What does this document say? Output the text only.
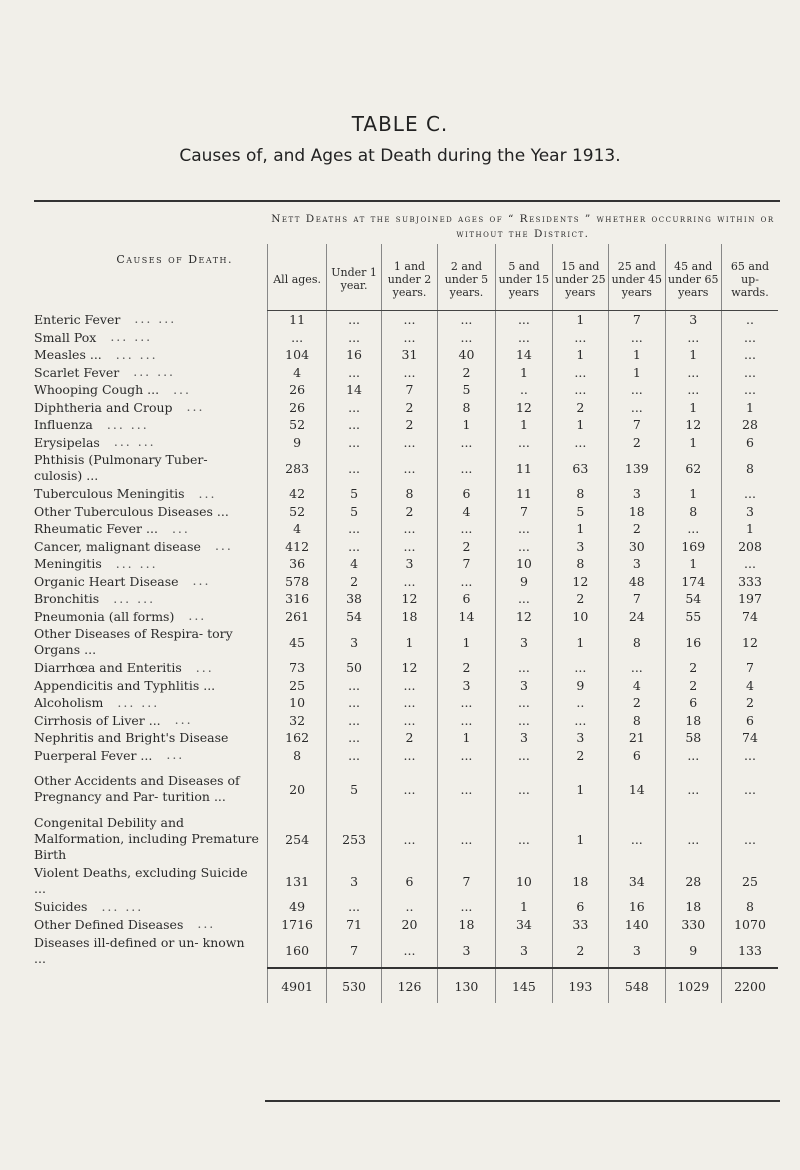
TABLE C.
Causes of, and Ages at Death during the Year 1913.
Causes of Death.	Nett Deaths at the subjoined ages of “ Residents ” whether occurring within or without the District.								
	All ages.	Under 1 year.	1 and under 2 years.	2 and under 5 years.	5 and under 15 years	15 and under 25 years	25 and under 45 years	45 and under 65 years	65 and up-wards.
Enteric Fever ... ...	11	...	...	...	...	1	7	3	..
Small Pox ... ...	...	...	...	...	...	...	...	...	...
Measles ... ... ...	104	16	31	40	14	1	1	1	...
Scarlet Fever ... ...	4	...	...	2	1	...	1	...	...
Whooping Cough ... ...	26	14	7	5	..	...	...	...	...
Diphtheria and Croup ...	26	...	2	8	12	2	...	1	1
Influenza ... ...	52	...	2	1	1	1	7	12	28
Erysipelas ... ...	9	...	...	...	...	...	2	1	6
Phthisis (Pulmonary Tuber- culosis) ...	283	...	...	...	11	63	139	62	8
Tuberculous Meningitis ...	42	5	8	6	11	8	3	1	...
Other Tuberculous Diseases ...	52	5	2	4	7	5	18	8	3
Rheumatic Fever ... ...	4	...	...	...	...	1	2	...	1
Cancer, malignant disease ...	412	...	...	2	...	3	30	169	208
Meningitis ... ...	36	4	3	7	10	8	3	1	...
Organic Heart Disease ...	578	2	...	...	9	12	48	174	333
Bronchitis ... ...	316	38	12	6	...	2	7	54	197
Pneumonia (all forms) ...	261	54	18	14	12	10	24	55	74
Other Diseases of Respira- tory Organs ...	45	3	1	1	3	1	8	16	12
Diarrhœa and Enteritis ...	73	50	12	2	...	...	...	2	7
Appendicitis and Typhlitis ...	25	...	...	3	3	9	4	2	4
Alcoholism ... ...	10	...	...	...	...	..	2	6	2
Cirrhosis of Liver ... ...	32	...	...	...	...	...	8	18	6
Nephritis and Bright's Disease	162	...	2	1	3	3	21	58	74
Puerperal Fever ... ...	8	...	...	...	...	2	6	...	...
Other Accidents and Diseases of Pregnancy and Par- turition ...	20	5	...	...	...	1	14	...	...
Congenital Debility and Malformation, including Premature Birth	254	253	...	...	...	1	...	...	...
Violent Deaths, excluding Suicide ...	131	3	6	7	10	18	34	28	25
Suicides ... ...	49	...	..	...	1	6	16	18	8
Other Defined Diseases ...	1716	71	20	18	34	33	140	330	1070
Diseases ill-defined or un- known ...	160	7	...	3	3	2	3	9	133
	4901	530	126	130	145	193	548	1029	2200
